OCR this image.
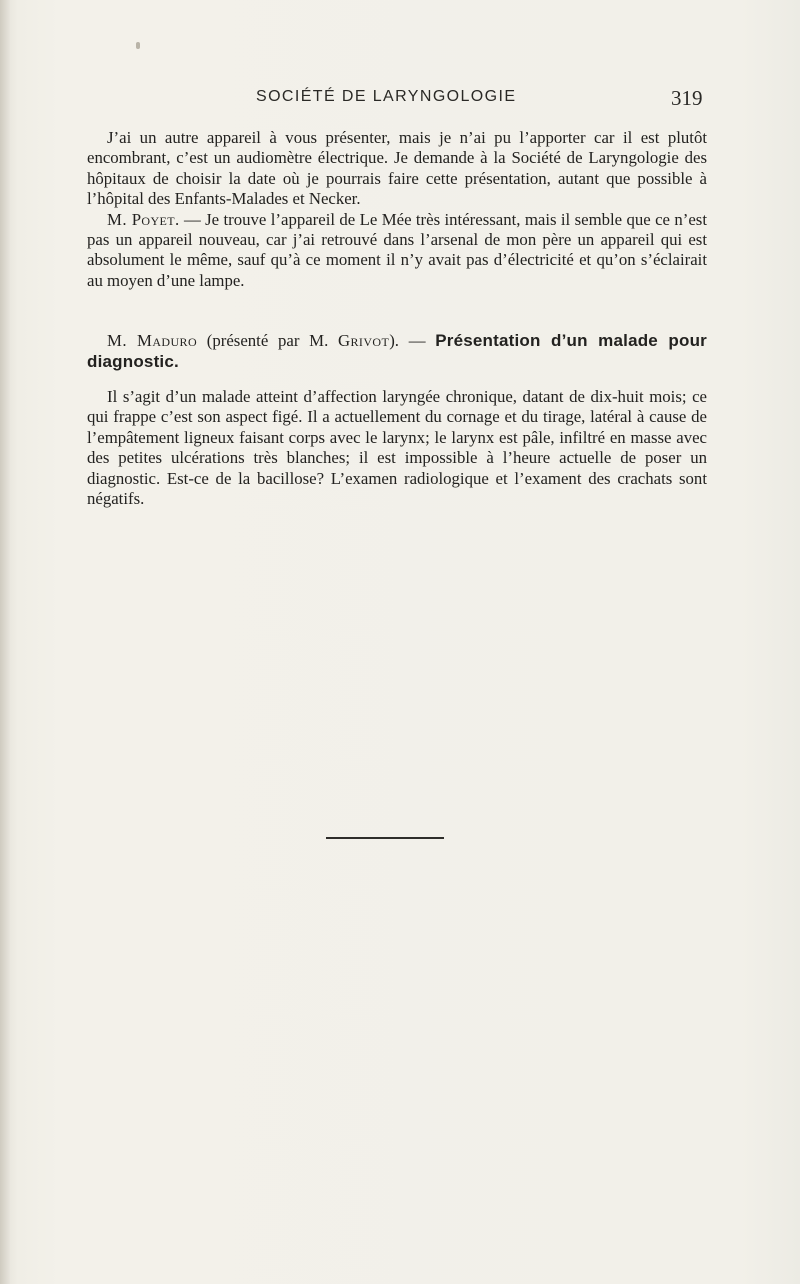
SOCIÉTÉ DE LARYNGOLOGIE	319

J’ai un autre appareil à vous présenter, mais je n’ai pu l’apporter car il est plutôt encombrant, c’est un audiomètre électrique. Je demande à la Société de Laryngologie des hôpitaux de choisir la date où je pourrais faire cette présentation, autant que possible à l’hôpital des Enfants-Malades et Necker.

M. Poyet. — Je trouve l’appareil de Le Mée très intéressant, mais il semble que ce n’est pas un appareil nouveau, car j’ai retrouvé dans l’arsenal de mon père un appareil qui est absolument le même, sauf qu’à ce moment il n’y avait pas d’électricité et qu’on s’éclairait au moyen d’une lampe.

M. Maduro (présenté par M. Grivot). — Présentation d’un malade pour diagnostic.

Il s’agit d’un malade atteint d’affection laryngée chronique, datant de dix-huit mois; ce qui frappe c’est son aspect figé. Il a actuellement du cornage et du tirage, latéral à cause de l’empâtement ligneux faisant corps avec le larynx; le larynx est pâle, infiltré en masse avec des petites ulcérations très blanches; il est impossible à l’heure actuelle de poser un diagnostic. Est-ce de la bacillose? L’examen radiologique et l’exament des crachats sont négatifs.
